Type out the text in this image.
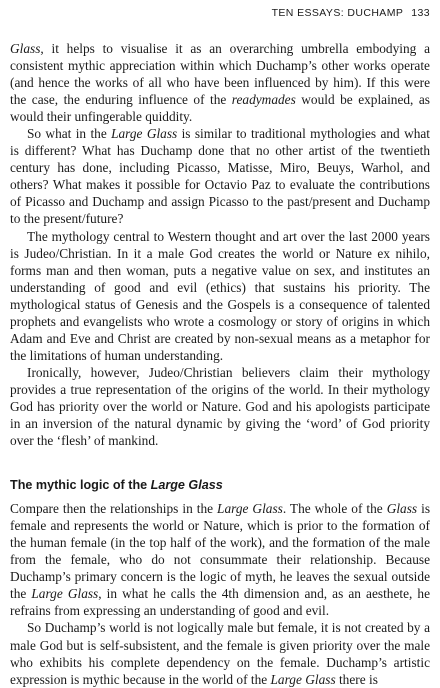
TEN ESSAYS: DUCHAMP 133

Glass, it helps to visualise it as an overarching umbrella embodying a consistent mythic appreciation within which Duchamp’s other works operate (and hence the works of all who have been influenced by him). If this were the case, the enduring influence of the readymades would be explained, as would their unfingerable quiddity.

So what in the Large Glass is similar to traditional mythologies and what is different? What has Duchamp done that no other artist of the twentieth century has done, including Picasso, Matisse, Miro, Beuys, Warhol, and others? What makes it possible for Octavio Paz to evaluate the contributions of Picasso and Duchamp and assign Picasso to the past/present and Duchamp to the present/future?

The mythology central to Western thought and art over the last 2000 years is Judeo/Christian. In it a male God creates the world or Nature ex nihilo, forms man and then woman, puts a negative value on sex, and institutes an understanding of good and evil (ethics) that sustains his priority. The mythological status of Genesis and the Gospels is a consequence of talented prophets and evangelists who wrote a cosmology or story of origins in which Adam and Eve and Christ are created by non-sexual means as a metaphor for the limitations of human understanding.

Ironically, however, Judeo/Christian believers claim their mythology provides a true representation of the origins of the world. In their mythology God has priority over the world or Nature. God and his apologists participate in an inversion of the natural dynamic by giving the ‘word’ of God priority over the ‘flesh’ of mankind.

The mythic logic of the Large Glass

Compare then the relationships in the Large Glass. The whole of the Glass is female and represents the world or Nature, which is prior to the formation of the human female (in the top half of the work), and the formation of the male from the female, who do not consummate their relationship. Because Duchamp’s primary concern is the logic of myth, he leaves the sexual outside the Large Glass, in what he calls the 4th dimension and, as an aesthete, he refrains from expressing an understanding of good and evil.

So Duchamp’s world is not logically male but female, it is not created by a male God but is self-subsistent, and the female is given priority over the male who exhibits his complete dependency on the female. Duchamp’s artistic expression is mythic because in the world of the Large Glass there is
